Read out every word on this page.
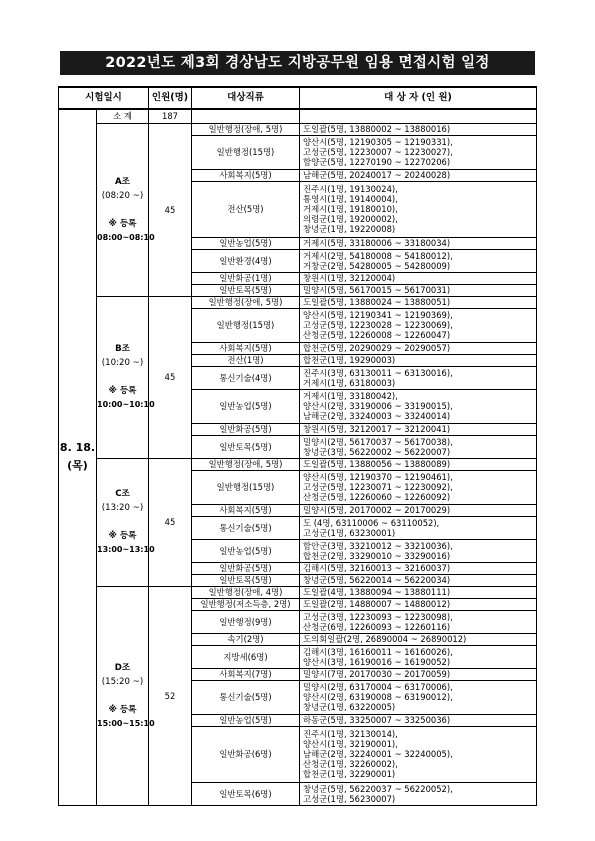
2022년도 제3회 경상남도 지방공무원 임용 면접시험 일정
시험일시		인원(명)	대상직류	대 상 자 (인 원)
8. 18.
(목)	소 계	187		

	A조
(08:20 ~)
※ 등록
08:00~08:10	45	일반행정(장애, 5명)	도일괄(5명, 13880002 ~ 13880016)
			일반행정(15명)	양산시(5명, 12190305 ~ 12190331),
고성군(5명, 12230007 ~ 12230027),
함양군(5명, 12270190 ~ 12270206)
			사회복지(5명)	남해군(5명, 20240017 ~ 20240028)
			전산(5명)	진주시(1명, 19130024),
통영시(1명, 19140004),
거제시(1명, 19180010),
의령군(1명, 19200002),
창녕군(1명, 19220008)
			일반농업(5명)	거제시(5명, 33180006 ~ 33180034)
			일반환경(4명)	거제시(2명, 54180008 ~ 54180012),
거창군(2명, 54280005 ~ 54280009)
			일반화공(1명)	창원시(1명, 32120004)
			일반토목(5명)	밀양시(5명, 56170015 ~ 56170031)

	B조
(10:20 ~)
※ 등록
10:00~10:10	45	일반행정(장애, 5명)	도일괄(5명, 13880024 ~ 13880051)
			일반행정(15명)	양산시(5명, 12190341 ~ 12190369),
고성군(5명, 12230028 ~ 12230069),
산청군(5명, 12260008 ~ 12260047)
			사회복지(5명)	합천군(5명, 20290029 ~ 20290057)
			전산(1명)	합천군(1명, 19290003)
			통신기술(4명)	진주시(3명, 63130011 ~ 63130016),
거제시(1명, 63180003)
			일반농업(5명)	거제시(1명, 33180042),
양산시(2명, 33190006 ~ 33190015),
남해군(2명, 33240003 ~ 33240014)
			일반화공(5명)	창원시(5명, 32120017 ~ 32120041)
			일반토목(5명)	밀양시(2명, 56170037 ~ 56170038),
창녕군(3명, 56220002 ~ 56220007)

	C조
(13:20 ~)
※ 등록
13:00~13:10	45	일반행정(장애, 5명)	도일괄(5명, 13880056 ~ 13880089)
			일반행정(15명)	양산시(5명, 12190370 ~ 12190461),
고성군(5명, 12230071 ~ 12230092),
산청군(5명, 12260060 ~ 12260092)
			사회복지(5명)	밀양시(5명, 20170002 ~ 20170029)
			통신기술(5명)	도 (4명, 63110006 ~ 63110052),
고성군(1명, 63230001)
			일반농업(5명)	함안군(3명, 33210012 ~ 33210036),
합천군(2명, 33290010 ~ 33290016)
			일반화공(5명)	김해시(5명, 32160013 ~ 32160037)
			일반토목(5명)	창녕군(5명, 56220014 ~ 56220034)

	D조
(15:20 ~)
※ 등록
15:00~15:10	52	일반행정(장애, 4명)	도일괄(4명, 13880094 ~ 13880111)
			일반행정(저소득층, 2명)	도일괄(2명, 14880007 ~ 14880012)
			일반행정(9명)	고성군(3명, 12230093 ~ 12230098),
산청군(6명, 12260093 ~ 12260116)
			속기(2명)	도의회일괄(2명, 26890004 ~ 26890012)
			지방세(6명)	김해시(3명, 16160011 ~ 16160026),
양산시(3명, 16190016 ~ 16190052)
			사회복지(7명)	밀양시(7명, 20170030 ~ 20170059)
			통신기술(5명)	밀양시(2명, 63170004 ~ 63170006),
양산시(2명, 63190008 ~ 63190012),
창녕군(1명, 63220005)
			일반농업(5명)	하동군(5명, 33250007 ~ 33250036)
			일반화공(6명)	진주시(1명, 32130014),
양산시(1명, 32190001),
남해군(2명, 32240001 ~ 32240005),
산청군(1명, 32260002),
합천군(1명, 32290001)
			일반토목(6명)	창녕군(5명, 56220037 ~ 56220052),
고성군(1명, 56230007)
